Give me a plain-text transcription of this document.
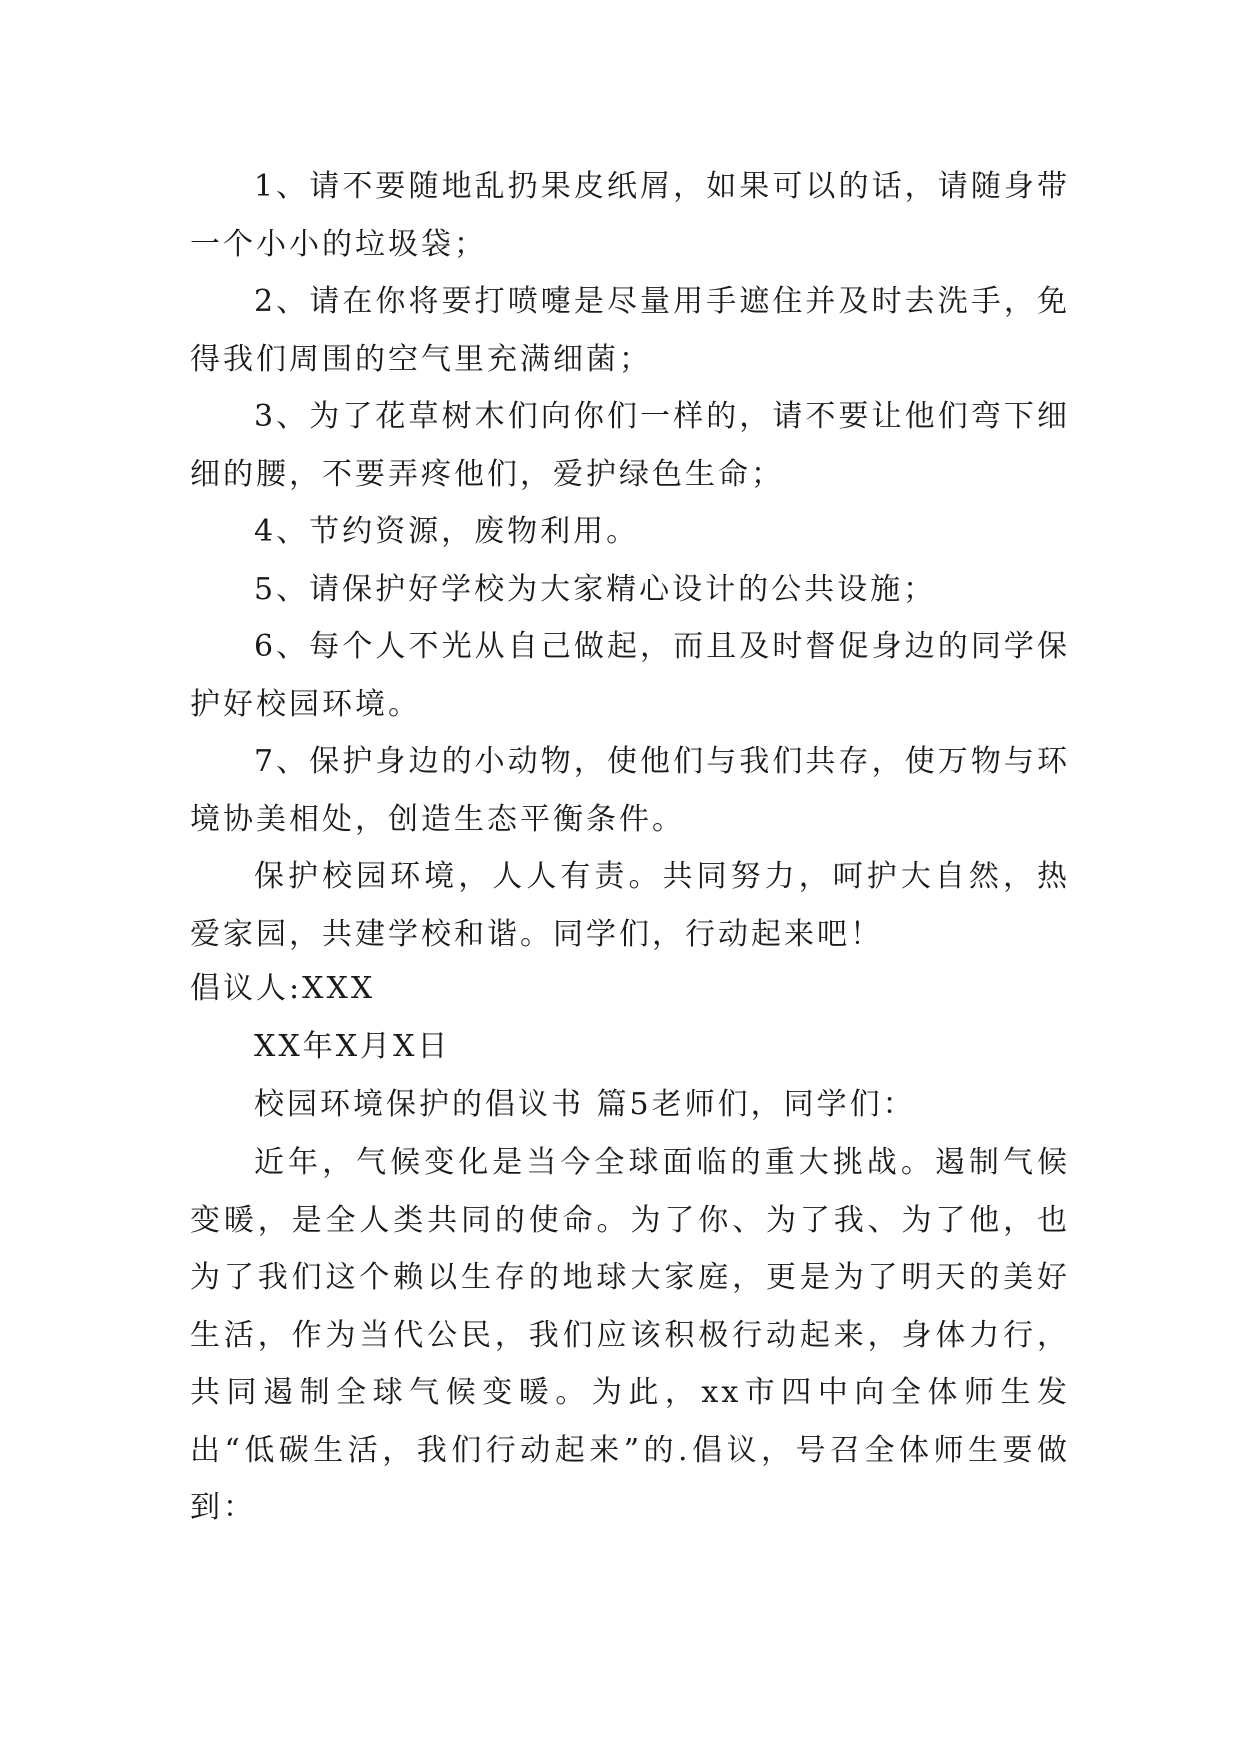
1、请不要随地乱扔果皮纸屑，如果可以的话，请随身带一个小小的垃圾袋；

2、请在你将要打喷嚏是尽量用手遮住并及时去洗手，免得我们周围的空气里充满细菌；

3、为了花草树木们向你们一样的，请不要让他们弯下细细的腰，不要弄疼他们，爱护绿色生命；

4、节约资源，废物利用。

5、请保护好学校为大家精心设计的公共设施；

6、每个人不光从自己做起，而且及时督促身边的同学保护好校园环境。

7、保护身边的小动物，使他们与我们共存，使万物与环境协美相处，创造生态平衡条件。

保护校园环境，人人有责。共同努力，呵护大自然，热爱家园，共建学校和谐。同学们，行动起来吧！

倡议人:XXX
XX年X月X日
校园环境保护的倡议书 篇5老师们，同学们：

近年，气候变化是当今全球面临的重大挑战。遏制气候变暖，是全人类共同的使命。为了你、为了我、为了他，也为了我们这个赖以生存的地球大家庭，更是为了明天的美好生活，作为当代公民，我们应该积极行动起来，身体力行，共同遏制全球气候变暖。为此，xx市四中向全体师生发出“低碳生活，我们行动起来”的.倡议，号召全体师生要做到：
